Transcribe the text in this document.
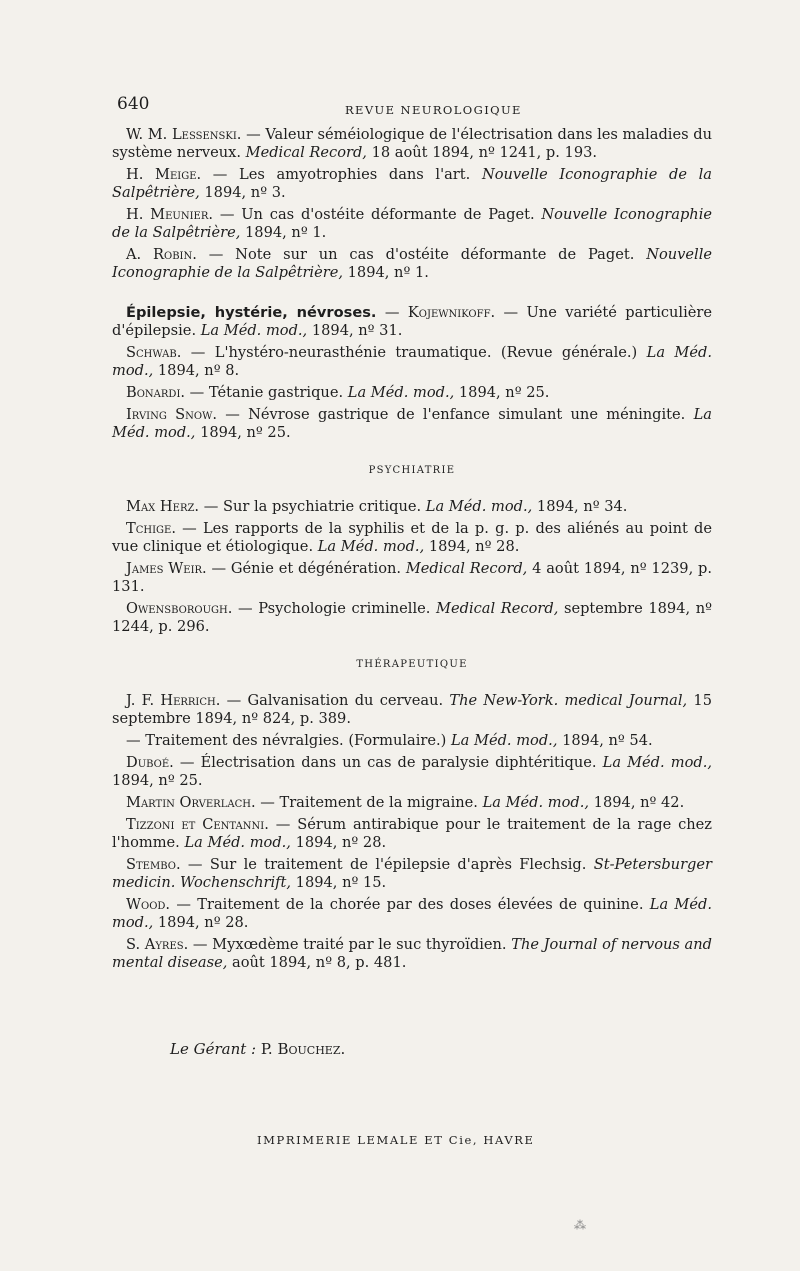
640	REVUE NEUROLOGIQUE

W. M. Lessenski. — Valeur séméiologique de l'électrisation dans les maladies du système nerveux. Medical Record, 18 août 1894, nº 1241, p. 193.

H. Meige. — Les amyotrophies dans l'art. Nouvelle Iconographie de la Salpêtrière, 1894, nº 3.

H. Meunier. — Un cas d'ostéite déformante de Paget. Nouvelle Iconographie de la Salpêtrière, 1894, nº 1.

A. Robin. — Note sur un cas d'ostéite déformante de Paget. Nouvelle Iconographie de la Salpêtrière, 1894, nº 1.

Épilepsie, hystérie, névroses. — Kojewnikoff. — Une variété particulière d'épilepsie. La Méd. mod., 1894, nº 31.

Schwab. — L'hystéro-neurasthénie traumatique. (Revue générale.) La Méd. mod., 1894, nº 8.

Bonardi. — Tétanie gastrique. La Méd. mod., 1894, nº 25.

Irving Snow. — Névrose gastrique de l'enfance simulant une méningite. La Méd. mod., 1894, nº 25.

PSYCHIATRIE

Max Herz. — Sur la psychiatrie critique. La Méd. mod., 1894, nº 34.

Tchige. — Les rapports de la syphilis et de la p. g. p. des aliénés au point de vue clinique et étiologique. La Méd. mod., 1894, nº 28.

James Weir. — Génie et dégénération. Medical Record, 4 août 1894, nº 1239, p. 131.

Owensborough. — Psychologie criminelle. Medical Record, septembre 1894, nº 1244, p. 296.

THÉRAPEUTIQUE

J. F. Herrich. — Galvanisation du cerveau. The New-York. medical Journal, 15 septembre 1894, nº 824, p. 389.

— Traitement des névralgies. (Formulaire.) La Méd. mod., 1894, nº 54.

Duboé. — Électrisation dans un cas de paralysie diphtéritique. La Méd. mod., 1894, nº 25.

Martin Orverlach. — Traitement de la migraine. La Méd. mod., 1894, nº 42.

Tizzoni et Centanni. — Sérum antirabique pour le traitement de la rage chez l'homme. La Méd. mod., 1894, nº 28.

Stembo. — Sur le traitement de l'épilepsie d'après Flechsig. St-Petersburger medicin. Wochenschrift, 1894, nº 15.

Wood. — Traitement de la chorée par des doses élevées de quinine. La Méd. mod., 1894, nº 28.

S. Ayres. — Myxœdème traité par le suc thyroïdien. The Journal of nervous and mental disease, août 1894, nº 8, p. 481.

Le Gérant : P. Bouchez.
IMPRIMERIE LEMALE ET Cie, HAVRE
⁂
